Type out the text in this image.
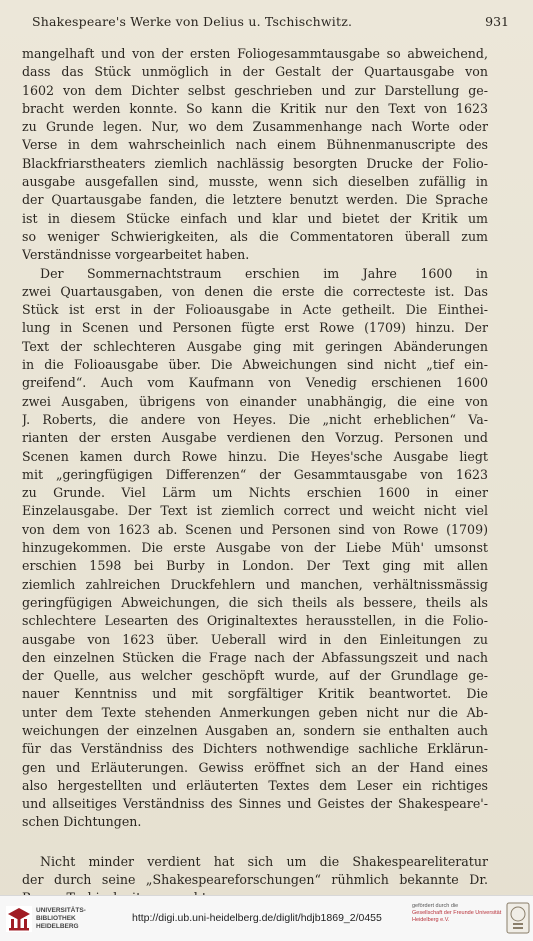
Shakespeare's Werke von Delius u. Tschischwitz.	931
mangelhaft und von der ersten Foliogesammtausgabe so abweichend,
dass das Stück unmöglich in der Gestalt der Quartausgabe von
1602 von dem Dichter selbst geschrieben und zur Darstellung ge-
bracht werden konnte. So kann die Kritik nur den Text von 1623
zu Grunde legen. Nur, wo dem Zusammenhange nach Worte oder
Verse in dem wahrscheinlich nach einem Bühnenmanuscripte des
Blackfriarstheaters ziemlich nachlässig besorgten Drucke der Folio-
ausgabe ausgefallen sind, musste, wenn sich dieselben zufällig in
der Quartausgabe fanden, die letztere benutzt werden. Die Sprache
ist in diesem Stücke einfach und klar und bietet der Kritik um
so weniger Schwierigkeiten, als die Commentatoren überall zum
Verständnisse vorgearbeitet haben.
Der Sommernachtstraum erschien im Jahre 1600 in
zwei Quartausgaben, von denen die erste die correcteste ist. Das
Stück ist erst in der Folioausgabe in Acte getheilt. Die Einthei-
lung in Scenen und Personen fügte erst Rowe (1709) hinzu. Der
Text der schlechteren Ausgabe ging mit geringen Abänderungen
in die Folioausgabe über. Die Abweichungen sind nicht „tief ein-
greifend“. Auch vom Kaufmann von Venedig erschienen 1600
zwei Ausgaben, übrigens von einander unabhängig, die eine von
J. Roberts, die andere von Heyes. Die „nicht erheblichen“ Va-
rianten der ersten Ausgabe verdienen den Vorzug. Personen und
Scenen kamen durch Rowe hinzu. Die Heyes'sche Ausgabe liegt
mit „geringfügigen Differenzen“ der Gesammtausgabe von 1623
zu Grunde. Viel Lärm um Nichts erschien 1600 in einer
Einzelausgabe. Der Text ist ziemlich correct und weicht nicht viel
von dem von 1623 ab. Scenen und Personen sind von Rowe (1709)
hinzugekommen. Die erste Ausgabe von der Liebe Müh' umsonst
erschien 1598 bei Burby in London. Der Text ging mit allen
ziemlich zahlreichen Druckfehlern und manchen, verhältnissmässig
geringfügigen Abweichungen, die sich theils als bessere, theils als
schlechtere Lesearten des Originaltextes herausstellen, in die Folio-
ausgabe von 1623 über. Ueberall wird in den Einleitungen zu
den einzelnen Stücken die Frage nach der Abfassungszeit und nach
der Quelle, aus welcher geschöpft wurde, auf der Grundlage ge-
nauer Kenntniss und mit sorgfältiger Kritik beantwortet. Die
unter dem Texte stehenden Anmerkungen geben nicht nur die Ab-
weichungen der einzelnen Ausgaben an, sondern sie enthalten auch
für das Verständniss des Dichters nothwendige sachliche Erklärun-
gen und Erläuterungen. Gewiss eröffnet sich an der Hand eines
also hergestellten und erläuterten Textes dem Leser ein richtiges
und allseitiges Verständniss des Sinnes und Geistes der Shakespeare'-
schen Dichtungen.
Nicht minder verdient hat sich um die Shakespeareliteratur
der durch seine „Shakespeareforschungen“ rühmlich bekannte Dr.
UNIVERSITÄTS-BIBLIOTHEK HEIDELBERG
http://digi.ub.uni-heidelberg.de/diglit/hdjb1869_2/0455
gefördert durch die
Gesellschaft der Freunde Universität Heidelberg e.V.
